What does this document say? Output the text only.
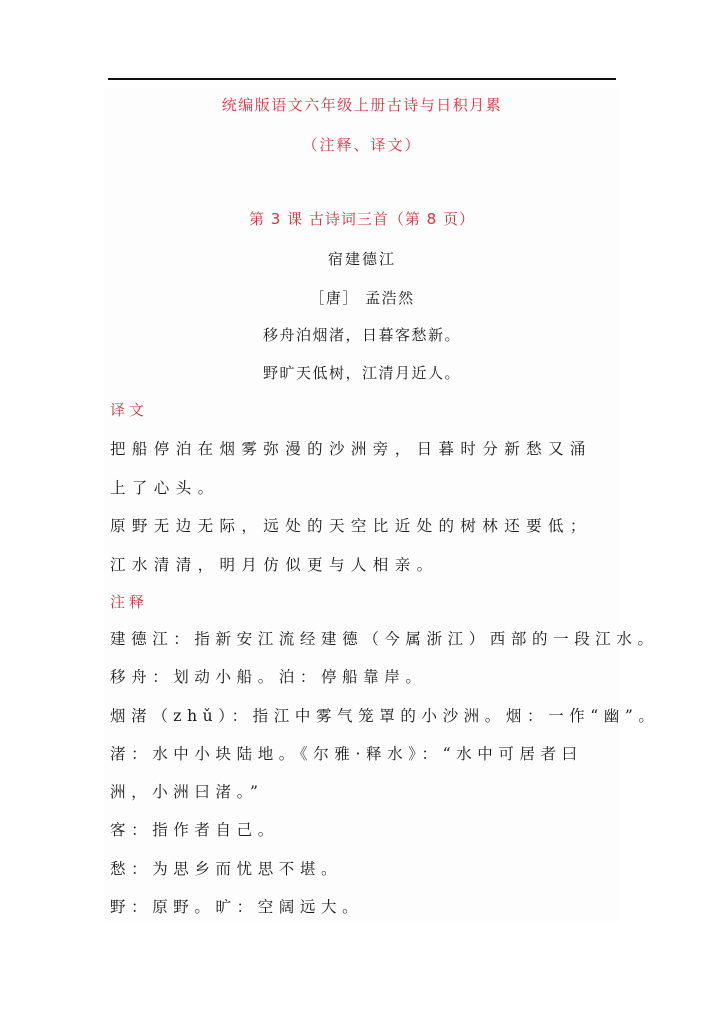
统编版语文六年级上册古诗与日积月累
（注释、译文）
第 3 课 古诗词三首（第 8 页）
宿建德江
［唐］ 孟浩然
移舟泊烟渚，日暮客愁新。
野旷天低树，江清月近人。

译文

把船停泊在烟雾弥漫的沙洲旁，日暮时分新愁又涌上了心头。

原野无边无际，远处的天空比近处的树林还要低；江水清清，明月仿似更与人相亲。

注释

建德江：指新安江流经建德（今属浙江）西部的一段江水。

移舟：划动小船。泊：停船靠岸。

烟渚（zhǔ）：指江中雾气笼罩的小沙洲。烟：一作“幽”。

渚：水中小块陆地。《尔雅·释水》：“水中可居者曰洲，小洲曰渚。”

客：指作者自己。

愁：为思乡而忧思不堪。

野：原野。旷：空阔远大。
